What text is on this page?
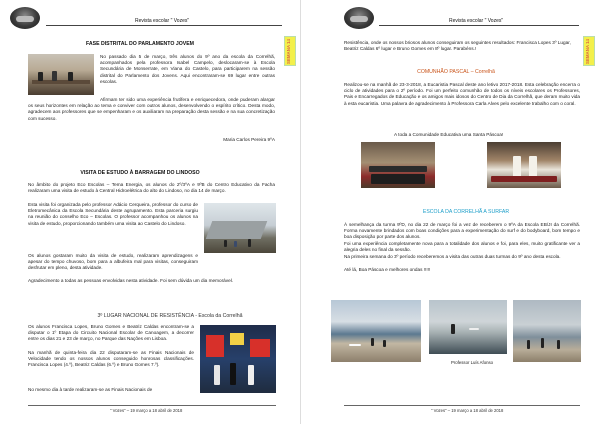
Revista escolar " Vozes"
SEMANA 14
FASE DISTRITAL DO PARLAMENTO JOVEM
No passado dia 5 de março, três alunos do 9º ano da escola da Correlhã, acompanhados pela professora Isabel Campelo, deslocaram-se à Escola Secundária de Monserrate, em Viana do Castelo, para participarem na sessão distrital do Parlamento dos Jovens. Aqui encontraram-se 69 lugar entre outras escolas.
Afirmam ter sido uma experiência frutífera e enriquecedora, onde puderam alargar os seus horizontes em relação ao tema e conviver com outros alunos, desenvolvendo o espírito crítico. Desta modo, agradecem aos professores que se empenharam e os auxiliaram na preparação desta sessão e na sua concretização com sucesso.
Maria Carlos Pereira 9ºA
VISITA DE ESTUDO À BARRAGEM DO LINDOSO
No âmbito do projeto Eco Escolas – Tema Energia, os alunos do 2º/3ºA e 9ºB do Centro Educativo da Facha realizaram uma visita de estudo à Central Hidroelétrica do alto do Lindoso, no dia 14 de março.
Esta visita foi organizada pelo professor Adácio Cerqueira, professor do curso de Eletromecânica da Escola Secundária deste agrupamento. Esta parceria surgiu na reunião do conselho Eco – Escolas. O professor acompanhou os alunos na visita de estudo, proporcionando também uma visita ao Castelo do Lindoso.
Os alunos gostaram muito da visita de estudo, realizaram aprendizagens e apesar do tempo chuvoso, bom para a albufeira mal para visitas, conseguiram desfrutar em pleno, desta atividade.
Agradecimento a todas as pessoas envolvidas nesta atividade. Foi sem dúvida um dia memorável.
3º LUGAR NACIONAL DE RESISTÊNCIA - Escola da Correlhã
Os alunos Francisca Lopes, Bruno Gomes e Beatriz Caldas encontram-se a disputar o 1º Etapa do Circuito Nacional Escolar de Canoagem, a decorrer entre os dias 21 e 23 de março, no Parque das Nações em Lisboa.
Na manhã de quinta-feira dia 22 disputaram-se as Finais Nacionais de Velocidade tendo os nossos alunos conseguido honrosas classificações. Francisca Lopes (4.º), Beatriz Caldas (6.º) e Bruno Gomes 7.º).
No mesmo dia à tarde realizaram-se as Finais Nacionais de
" Vozes" – 19 março a 18 abril de 2018
Revista escolar " Vozes"
SEMANA 14
Resistência, onde os nossos briosos alunos conseguiram os seguintes resultados: Francisca Lopes 3º Lugar, Beatriz Caldas 6º lugar e Bruno Gomes em 8º lugar. Parabéns.!
COMUNHÃO PASCAL – Correlhã
Realizou-se na manhã de 23-3-2018, a Eucaristia Pascal deste ano letivo 2017-2018. Esta celebração encerra o ciclo de atividades para o 2º período. Foi um perfeito comunhão de todos os níveis escolares os Professores, Pais e Encarregados de Educação e os amigos mais idosos do Centro de Dia da Correlhã, que deram muito vida à esta eucaristia. Uma palavra de agradecimento à Professora Carla Alves pelo excelente trabalho com o coral.
A toda a Comunidade Educativa uma Santa Páscoa!
ESCOLA DA CORRELHÃ A SURFAR
À semelhança da turma 9ºD, no dia 22 de março foi a vez de receberem o 9ºA da Escola EB/JI da Correlhã. Forma novamente brindados com boas condições para a experimentação do surf e do bodyboard, bom tempo e boa disposição por parte dos alunos.
Foi uma experiência completamente nova para a totalidade dos alunos e foi, para eles, muito gratificante ver a alegria deles no final da sessão.
Na primeira semana do 3º período receberemos a visita das outras duas turmas do 9º ano desta escola.
Até lá, Boa Páscoa e melhores ondas !!!!!
Professor Luís Afonso
" Vozes" – 19 março a 18 abril de 2018
